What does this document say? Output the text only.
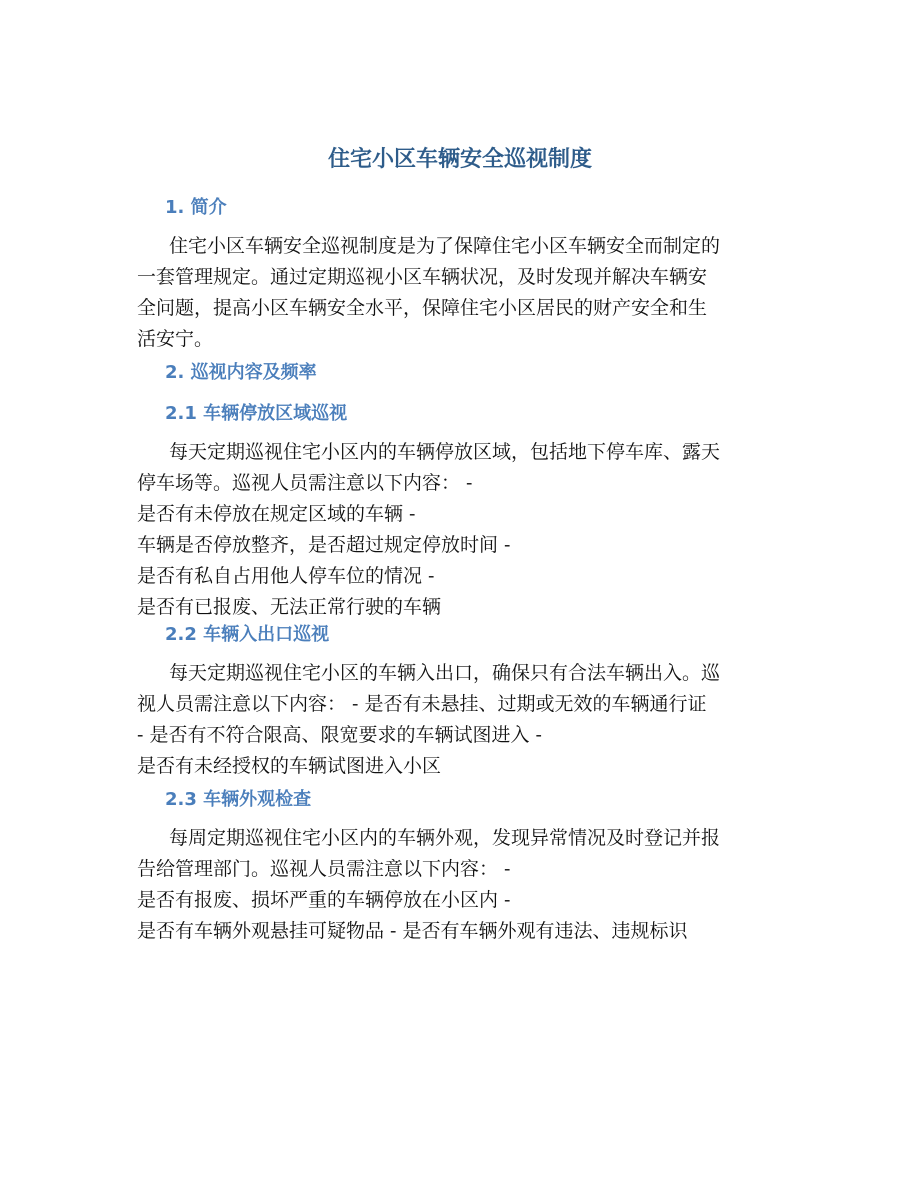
住宅小区车辆安全巡视制度
1. 简介
住宅小区车辆安全巡视制度是为了保障住宅小区车辆安全而制定的
一套管理规定。通过定期巡视小区车辆状况，及时发现并解决车辆安
全问题，提高小区车辆安全水平，保障住宅小区居民的财产安全和生
活安宁。
2. 巡视内容及频率
2.1 车辆停放区域巡视
每天定期巡视住宅小区内的车辆停放区域，包括地下停车库、露天
停车场等。巡视人员需注意以下内容： -
是否有未停放在规定区域的车辆 -
车辆是否停放整齐，是否超过规定停放时间 -
是否有私自占用他人停车位的情况 -
是否有已报废、无法正常行驶的车辆
2.2 车辆入出口巡视
每天定期巡视住宅小区的车辆入出口，确保只有合法车辆出入。巡
视人员需注意以下内容： - 是否有未悬挂、过期或无效的车辆通行证
- 是否有不符合限高、限宽要求的车辆试图进入 -
是否有未经授权的车辆试图进入小区
2.3 车辆外观检查
每周定期巡视住宅小区内的车辆外观，发现异常情况及时登记并报
告给管理部门。巡视人员需注意以下内容： -
是否有报废、损坏严重的车辆停放在小区内 -
是否有车辆外观悬挂可疑物品 - 是否有车辆外观有违法、违规标识
